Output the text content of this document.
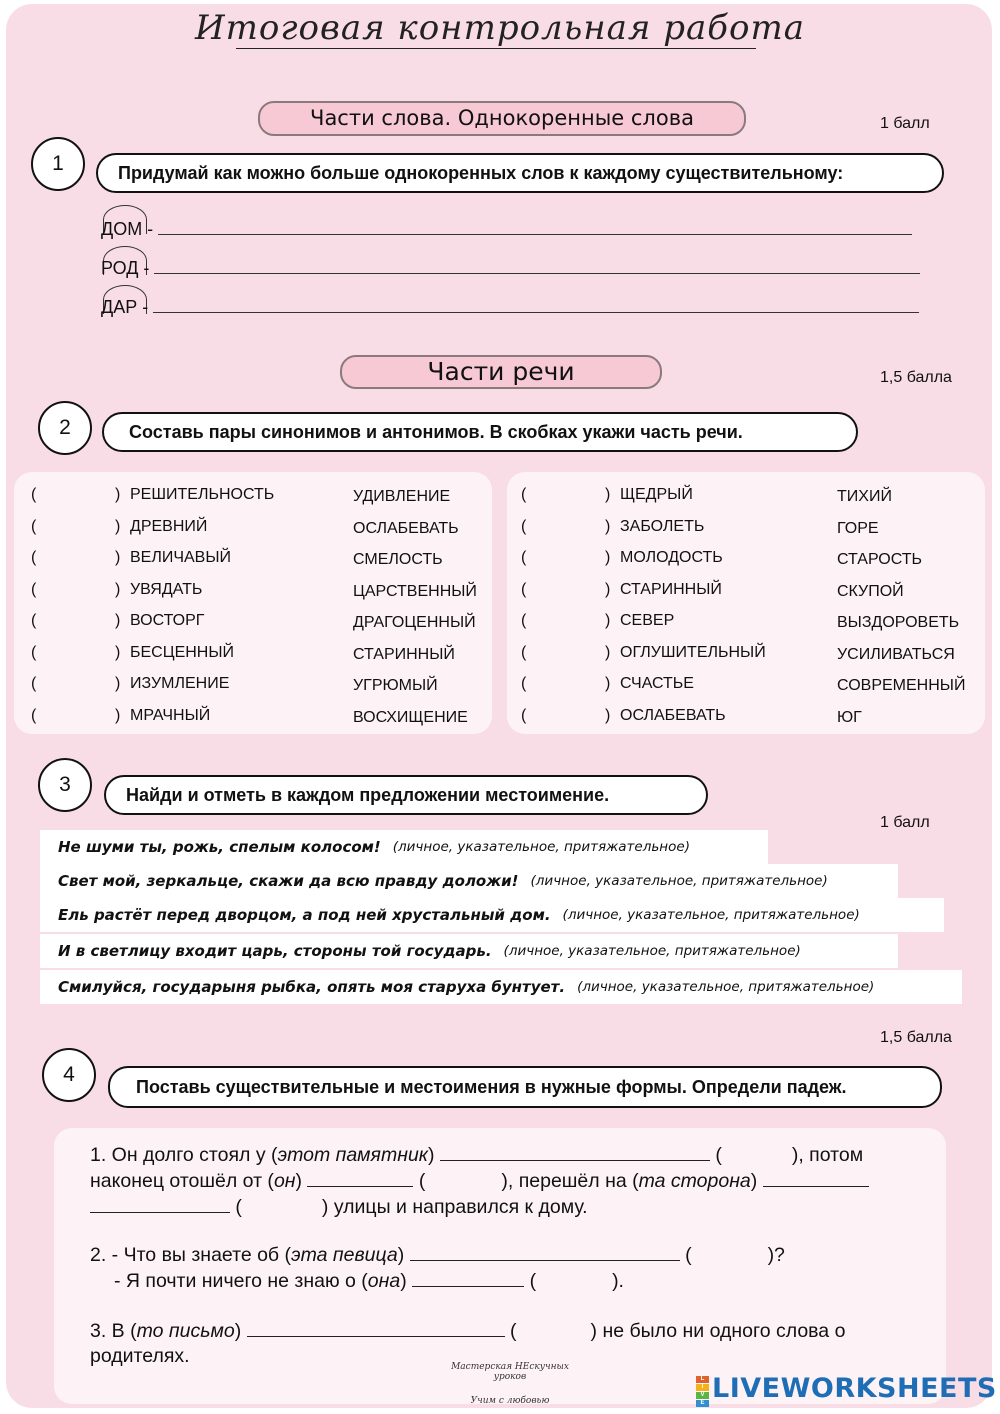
Итоговая контрольная работа
Части слова. Однокоренные слова	1 балл
1	Придумай как можно больше однокоренных слов к каждому существительному:
ДОМ -
РОД -
ДАР -
Части речи	1,5 балла
2	Составь пары синонимов и антонимов. В скобках укажи часть речи.
(	) РЕШИТЕЛЬНОСТЬ	УДИВЛЕНИЕ
(	) ДРЕВНИЙ	ОСЛАБЕВАТЬ
(	) ВЕЛИЧАВЫЙ	СМЕЛОСТЬ
(	) УВЯДАТЬ	ЦАРСТВЕННЫЙ
(	) ВОСТОРГ	ДРАГОЦЕННЫЙ
(	) БЕСЦЕННЫЙ	СТАРИННЫЙ
(	) ИЗУМЛЕНИЕ	УГРЮМЫЙ
(	) МРАЧНЫЙ	ВОСХИЩЕНИЕ
(	) ЩЕДРЫЙ	ТИХИЙ
(	) ЗАБОЛЕТЬ	ГОРЕ
(	) МОЛОДОСТЬ	СТАРОСТЬ
(	) СТАРИННЫЙ	СКУПОЙ
(	) СЕВЕР	ВЫЗДОРОВЕТЬ
(	) ОГЛУШИТЕЛЬНЫЙ	УСИЛИВАТЬСЯ
(	) СЧАСТЬЕ	СОВРЕМЕННЫЙ
(	) ОСЛАБЕВАТЬ	ЮГ
3	Найди и отметь в каждом предложении местоимение.
1 балл
Не шуми ты, рожь, спелым колосом! (личное, указательное, притяжательное)
Свет мой, зеркальце, скажи да всю правду доложи! (личное, указательное, притяжательное)
Ель растёт перед дворцом, а под ней хрустальный дом. (личное, указательное, притяжательное)
И в светлицу входит царь, стороны той государь. (личное, указательное, притяжательное)
Смилуйся, государыня рыбка, опять моя старуха бунтует. (личное, указательное, притяжательное)
1,5 балла
4
Поставь существительные и местоимения в нужные формы. Определи падеж.
1. Он долго стоял у (этот памятник)	(	), потом
наконец отошёл от (он)	(	), перешёл на (та сторона)
(	) улицы и направился к дому.
2. - Что вы знаете об (эта певица)	(	)?
- Я почти ничего не знаю о (она)	(	).
3. В (то письмо)	(	) не было ни одного слова о
родителях.	Мастерская НЕскучных уроков
Учим с любовью
L
I
V
E LIVEWORKSHEETS
